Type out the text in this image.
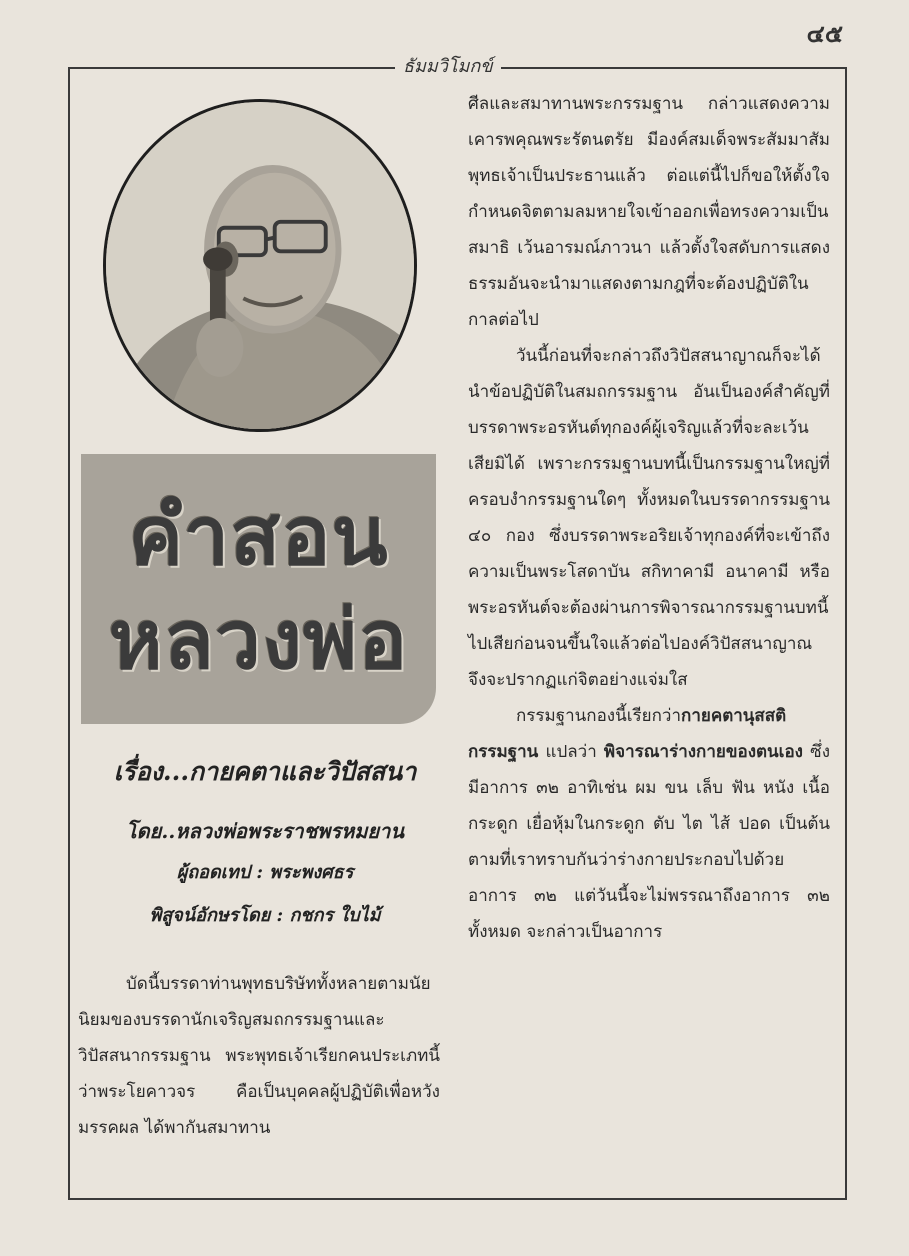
๔๕
ธัมมวิโมกข์
คำสอน
หลวงพ่อ
เรื่อง...กายคตาและวิปัสสนา
โดย..หลวงพ่อพระราชพรหมยาน
ผู้ถอดเทป : พระพงศธร
พิสูจน์อักษรโดย : กชกร ใบไม้

บัดนี้บรรดาท่านพุทธบริษัททั้งหลายตามนัยนิยมของบรรดานักเจริญสมถกรรมฐานและวิปัสสนากรรมฐาน พระพุทธเจ้าเรียกคนประเภทนี้ว่าพระโยคาวจร คือเป็นบุคคลผู้ปฏิบัติเพื่อหวังมรรคผล ได้พากันสมาทาน

ศีลและสมาทานพระกรรมฐาน กล่าวแสดงความเคารพคุณพระรัตนตรัย มีองค์สมเด็จพระสัมมาสัมพุทธเจ้าเป็นประธานแล้ว ต่อแต่นี้ไปก็ขอให้ตั้งใจกำหนดจิตตามลมหายใจเข้าออกเพื่อทรงความเป็นสมาธิ เว้นอารมณ์ภาวนา แล้วตั้งใจสดับการแสดงธรรมอันจะนำมาแสดงตามกฎที่จะต้องปฏิบัติในกาลต่อไป

วันนี้ก่อนที่จะกล่าวถึงวิปัสสนาญาณก็จะได้นำข้อปฏิบัติในสมถกรรมฐาน อันเป็นองค์สำคัญที่บรรดาพระอรหันต์ทุกองค์ผู้เจริญแล้วที่จะละเว้นเสียมิได้ เพราะกรรมฐานบทนี้เป็นกรรมฐานใหญ่ที่ครอบงำกรรมฐานใดๆ ทั้งหมดในบรรดากรรมฐาน ๔๐ กอง ซึ่งบรรดาพระอริยเจ้าทุกองค์ที่จะเข้าถึงความเป็นพระโสดาบัน สกิทาคามี อนาคามี หรือพระอรหันต์จะต้องผ่านการพิจารณากรรมฐานบทนี้ไปเสียก่อนจนขึ้นใจแล้วต่อไปองค์วิปัสสนาญาณจึงจะปรากฏแก่จิตอย่างแจ่มใส

กรรมฐานกองนี้เรียกว่ากายคตานุสสติกรรมฐาน แปลว่า พิจารณาร่างกายของตนเอง ซึ่งมีอาการ ๓๒ อาทิเช่น ผม ขน เล็บ ฟัน หนัง เนื้อ กระดูก เยื่อหุ้มในกระดูก ตับ ไต ไส้ ปอด เป็นต้น ตามที่เราทราบกันว่าร่างกายประกอบไปด้วยอาการ ๓๒ แต่วันนี้จะไม่พรรณาถึงอาการ ๓๒ ทั้งหมด จะกล่าวเป็นอาการ
